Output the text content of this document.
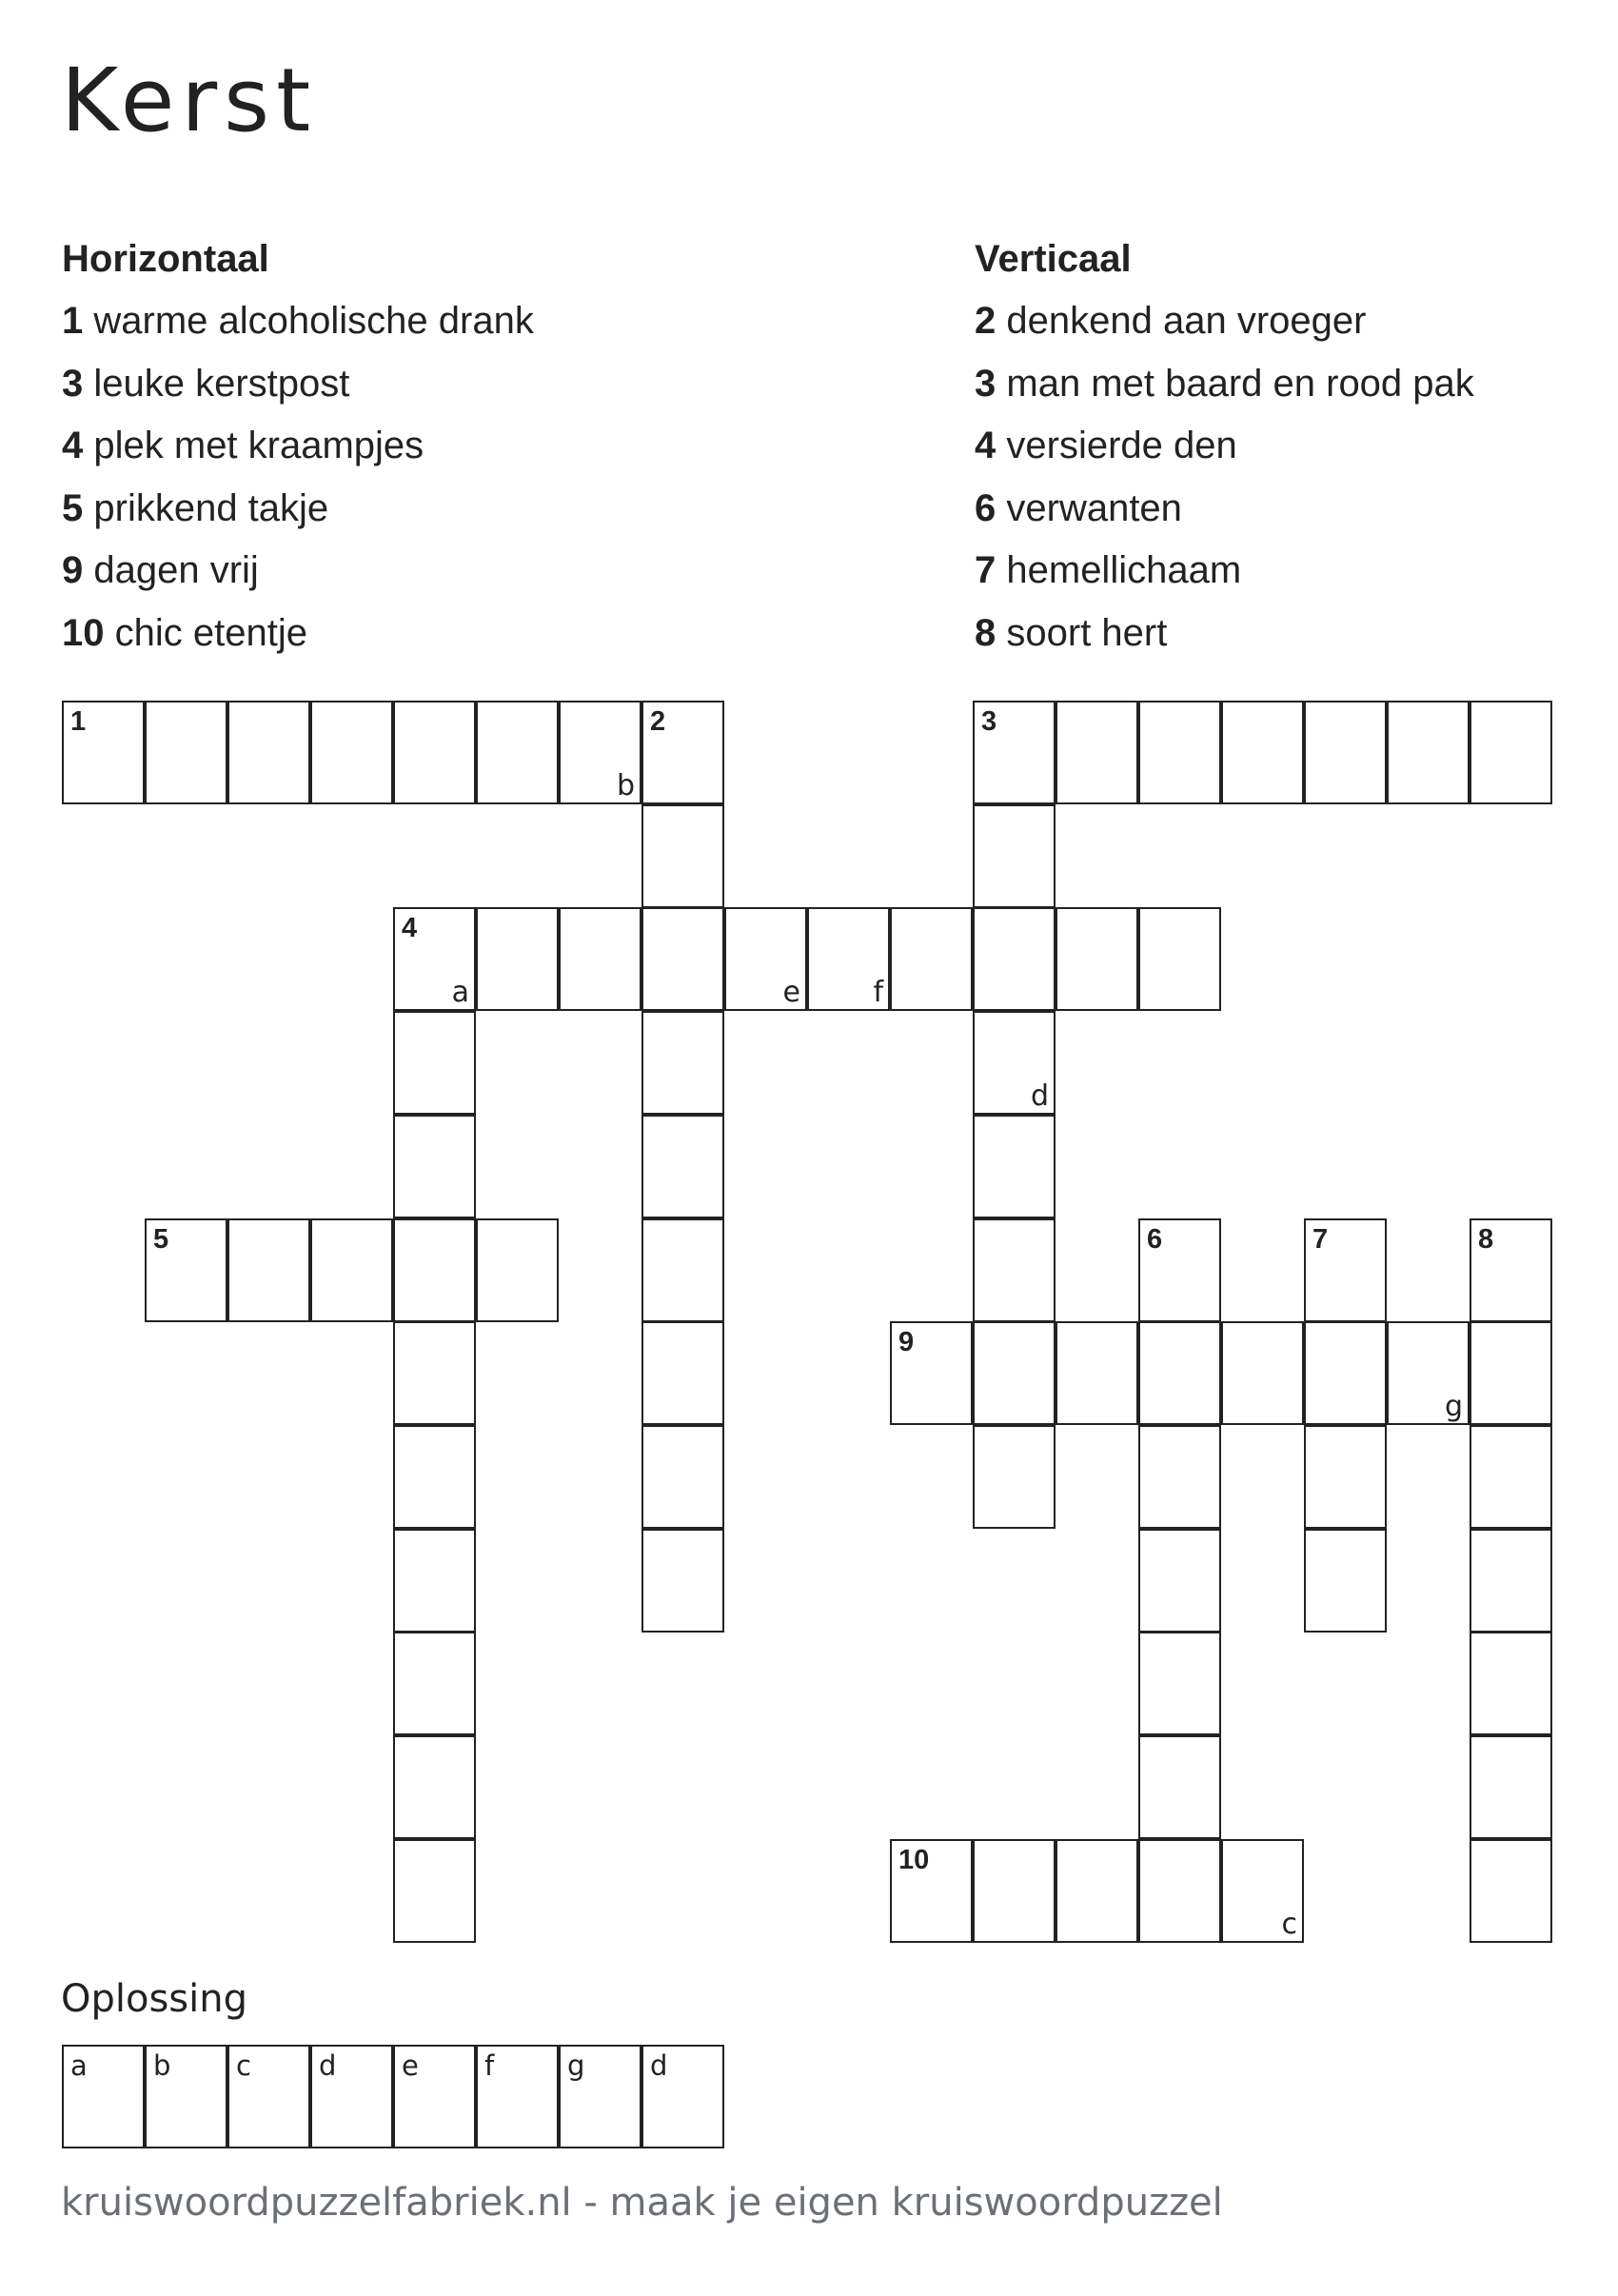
Kerst
Horizontaal
1 warme alcoholische drank
3 leuke kerstpost
4 plek met kraampjes
5 prikkend takje
9 dagen vrij
10 chic etentje
Verticaal
2 denkend aan vroeger
3 man met baard en rood pak
4 versierde den
6 verwanten
7 hemellichaam
8 soort hert
1
b
2	3
d
4
a	e	f
5	6	7	8
9
g
10
c
Oplossing
a b c d e f	g d
kruiswoordpuzzelfabriek.nl - maak je eigen kruiswoordpuzzel
